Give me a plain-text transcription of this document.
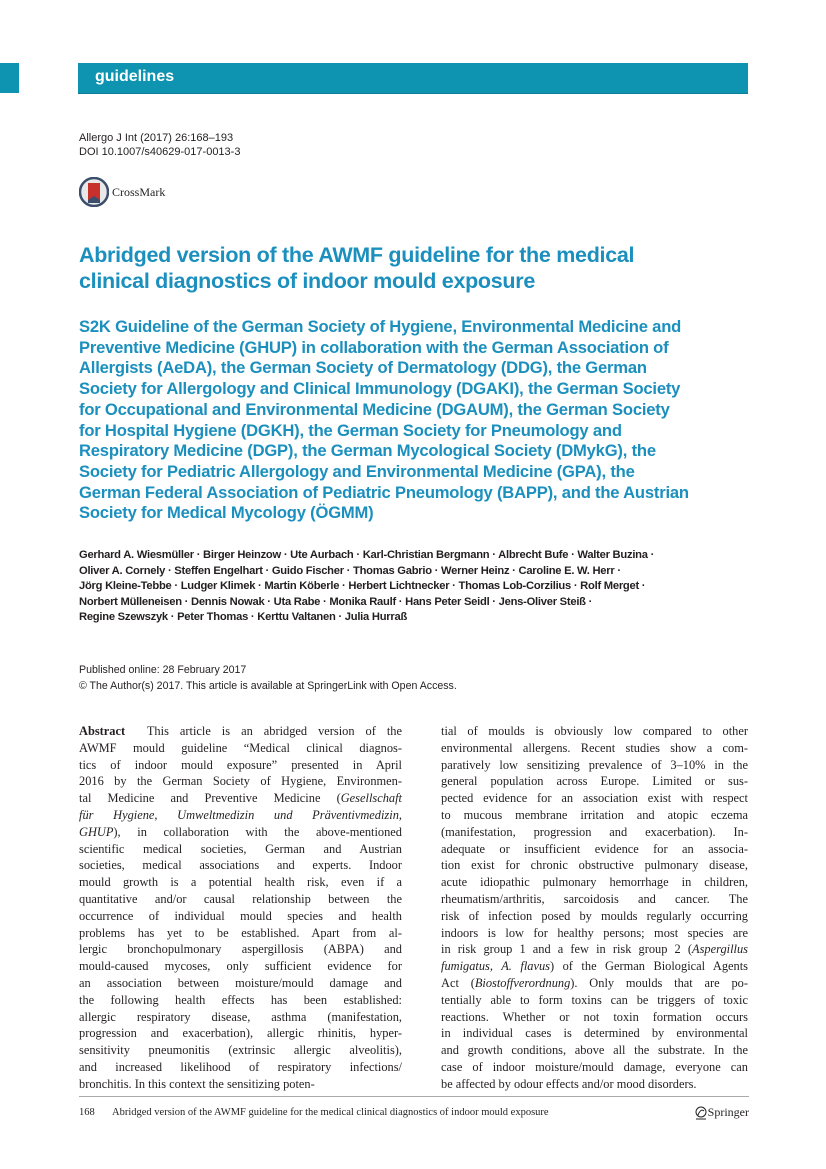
guidelines
Allergo J Int (2017) 26:168–193
DOI 10.1007/s40629-017-0013-3
CrossMark
Abridged version of the AWMF guideline for the medical
clinical diagnostics of indoor mould exposure
S2K Guideline of the German Society of Hygiene, Environmental Medicine and
Preventive Medicine (GHUP) in collaboration with the German Association of
Allergists (AeDA), the German Society of Dermatology (DDG), the German
Society for Allergology and Clinical Immunology (DGAKI), the German Society
for Occupational and Environmental Medicine (DGAUM), the German Society
for Hospital Hygiene (DGKH), the German Society for Pneumology and
Respiratory Medicine (DGP), the German Mycological Society (DMykG), the
Society for Pediatric Allergology and Environmental Medicine (GPA), the
German Federal Association of Pediatric Pneumology (BAPP), and the Austrian
Society for Medical Mycology (ÖGMM)
Gerhard A. Wiesmüller · Birger Heinzow · Ute Aurbach · Karl-Christian Bergmann · Albrecht Bufe · Walter Buzina ·
Oliver A. Cornely · Steffen Engelhart · Guido Fischer · Thomas Gabrio · Werner Heinz · Caroline E. W. Herr ·
Jörg Kleine-Tebbe · Ludger Klimek · Martin Köberle · Herbert Lichtnecker · Thomas Lob-Corzilius · Rolf Merget ·
Norbert Mülleneisen · Dennis Nowak · Uta Rabe · Monika Raulf · Hans Peter Seidl · Jens-Oliver Steiß ·
Regine Szewszyk · Peter Thomas · Kerttu Valtanen · Julia Hurraß
Published online: 28 February 2017
© The Author(s) 2017. This article is available at SpringerLink with Open Access.
Abstract  This article is an abridged version of the
AWMF mould guideline “Medical clinical diagnos-
tics of indoor mould exposure” presented in April
2016 by the German Society of Hygiene, Environmen-
tal Medicine and Preventive Medicine (Gesellschaft
für Hygiene, Umweltmedizin und Präventivmedizin,
GHUP), in collaboration with the above-mentioned
scientific medical societies, German and Austrian
societies, medical associations and experts. Indoor
mould growth is a potential health risk, even if a
quantitative and/or causal relationship between the
occurrence of individual mould species and health
problems has yet to be established. Apart from al-
lergic bronchopulmonary aspergillosis (ABPA) and
mould-caused mycoses, only sufficient evidence for
an association between moisture/mould damage and
the following health effects has been established:
allergic respiratory disease, asthma (manifestation,
progression and exacerbation), allergic rhinitis, hyper-
sensitivity pneumonitis (extrinsic allergic alveolitis),
and increased likelihood of respiratory infections/
bronchitis. In this context the sensitizing poten-
tial of moulds is obviously low compared to other
environmental allergens. Recent studies show a com-
paratively low sensitizing prevalence of 3–10% in the
general population across Europe. Limited or sus-
pected evidence for an association exist with respect
to mucous membrane irritation and atopic eczema
(manifestation, progression and exacerbation). In-
adequate or insufficient evidence for an associa-
tion exist for chronic obstructive pulmonary disease,
acute idiopathic pulmonary hemorrhage in children,
rheumatism/arthritis, sarcoidosis and cancer. The
risk of infection posed by moulds regularly occurring
indoors is low for healthy persons; most species are
in risk group 1 and a few in risk group 2 (Aspergillus
fumigatus, A. flavus) of the German Biological Agents
Act (Biostoffverordnung). Only moulds that are po-
tentially able to form toxins can be triggers of toxic
reactions. Whether or not toxin formation occurs
in individual cases is determined by environmental
and growth conditions, above all the substrate. In the
case of indoor moisture/mould damage, everyone can
be affected by odour effects and/or mood disorders.
168 Abridged version of the AWMF guideline for the medical clinical diagnostics of indoor mould exposure	Springer
